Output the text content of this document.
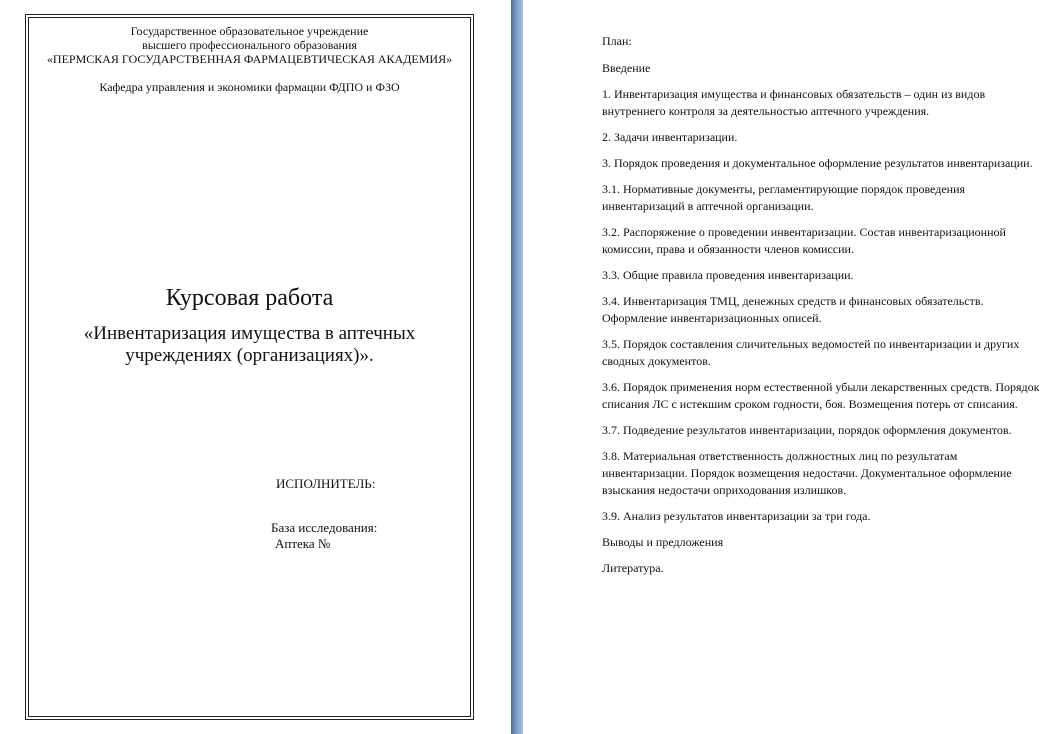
Государственное образовательное учреждение
высшего профессионального образования
«ПЕРМСКАЯ ГОСУДАРСТВЕННАЯ ФАРМАЦЕВТИЧЕСКАЯ АКАДЕМИЯ»
Кафедра управления и экономики фармации ФДПО и ФЗО
Курсовая работа
«Инвентаризация имущества в аптечных учреждениях (организациях)».
ИСПОЛНИТЕЛЬ:
База исследования:
Аптека №
План:
Введение
1. Инвентаризация имущества и финансовых обязательств – один из видов внутреннего контроля за деятельностью аптечного учреждения.
2. Задачи инвентаризации.
3. Порядок проведения и документальное оформление результатов инвентаризации.
3.1. Нормативные документы, регламентирующие порядок проведения инвентаризаций в аптечной организации.
3.2. Распоряжение о проведении инвентаризации. Состав инвентаризационной комиссии, права и обязанности членов комиссии.
3.3. Общие правила проведения инвентаризации.
3.4. Инвентаризация ТМЦ, денежных средств и финансовых обязательств. Оформление инвентаризационных описей.
3.5. Порядок составления сличительных ведомостей по инвентаризации и других сводных документов.
3.6. Порядок применения норм естественной убыли лекарственных средств. Порядок списания ЛС с истекшим сроком годности, боя. Возмещения потерь от списания.
3.7. Подведение результатов инвентаризации, порядок оформления документов.
3.8. Материальная ответственность должностных лиц по результатам инвентаризации. Порядок возмещения недостачи. Документальное оформление взыскания недостачи оприходования излишков.
3.9. Анализ результатов инвентаризации за три года.
Выводы и предложения
Литература.
